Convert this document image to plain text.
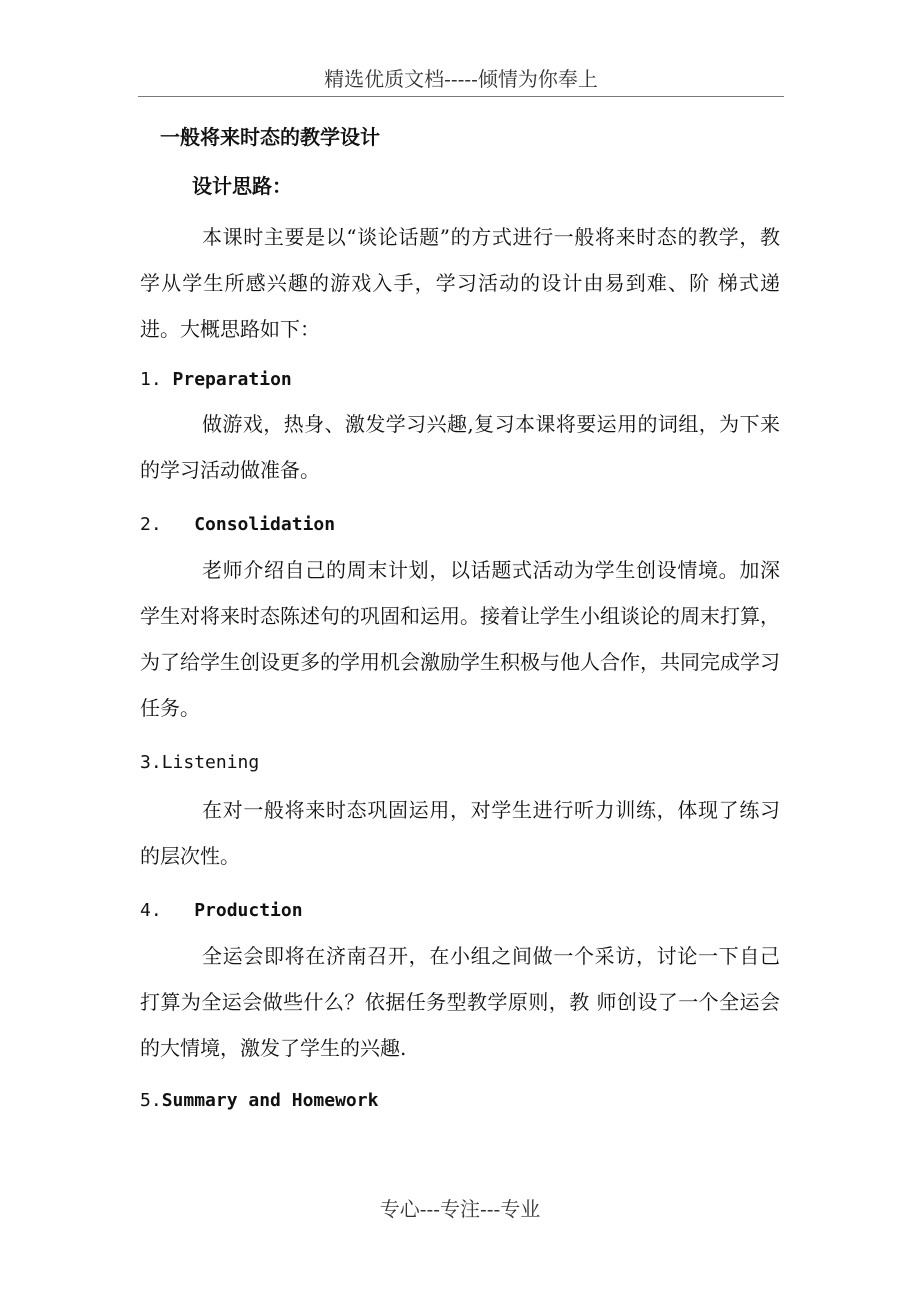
精选优质文档-----倾情为你奉上
一般将来时态的教学设计
设计思路：

本课时主要是以“谈论话题”的方式进行一般将来时态的教学，教学从学生所感兴趣的游戏入手，学习活动的设计由易到难、阶 梯式递进。大概思路如下：

1. Preparation

做游戏，热身、激发学习兴趣,复习本课将要运用的词组，为下来的学习活动做准备。

2. Consolidation

老师介绍自己的周末计划，以话题式活动为学生创设情境。加深学生对将来时态陈述句的巩固和运用。接着让学生小组谈论的周末打算，为了给学生创设更多的学用机会激励学生积极与他人合作，共同完成学习任务。

3.Listening

在对一般将来时态巩固运用，对学生进行听力训练，体现了练习的层次性。

4. Production

全运会即将在济南召开，在小组之间做一个采访，讨论一下自己打算为全运会做些什么？依据任务型教学原则，教 师创设了一个全运会的大情境，激发了学生的兴趣.

5.Summary and Homework
专心---专注---专业
